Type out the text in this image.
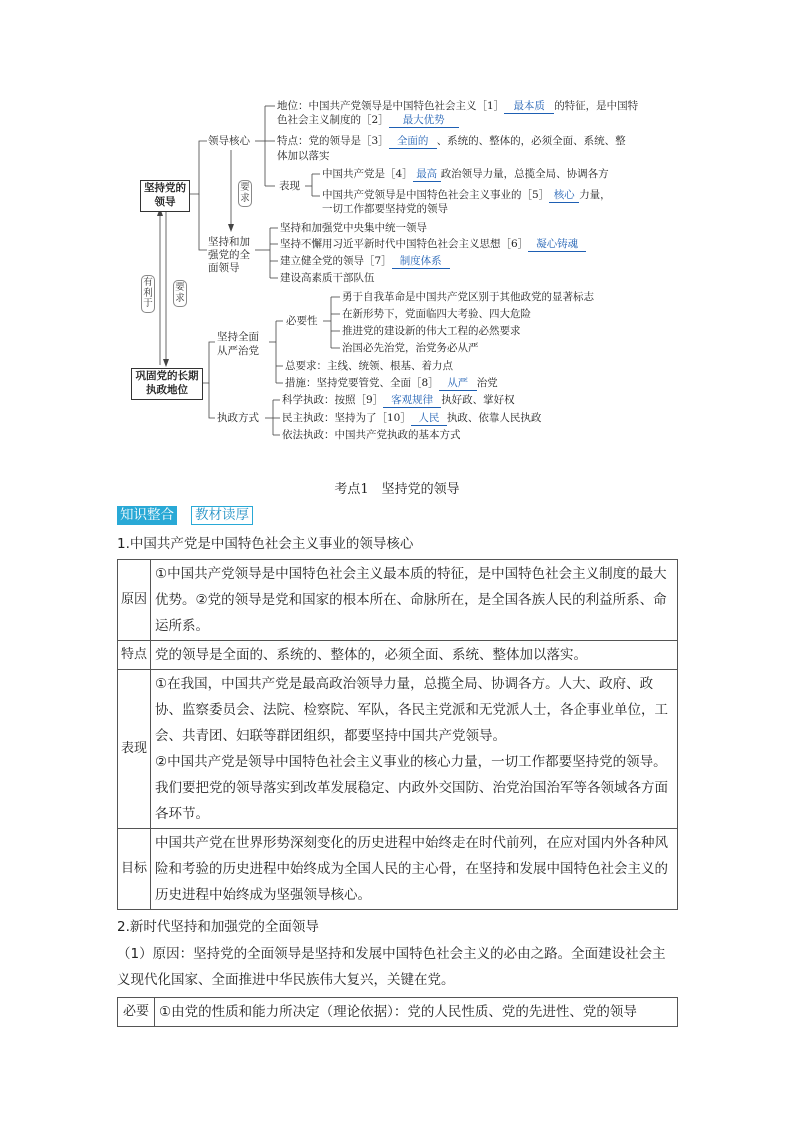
坚持党的领导
巩固党的长期执政地位
要求
有利于
要求
领导核心
地位：中国共产党领导是中国特色社会主义［1］ 最本质 的特征，是中国特
色社会主义制度的［2］ 最大优势
特点：党的领导是［3］ 全面的 、系统的、整体的，必须全面、系统、整
体加以落实
表现
中国共产党是［4］ 最高 政治领导力量，总揽全局、协调各方
中国共产党领导是中国特色社会主义事业的［5］ 核心 力量，
一切工作都要坚持党的领导
坚持和加强党的全面领导
坚持和加强党中央集中统一领导
坚持不懈用习近平新时代中国特色社会主义思想［6］ 凝心铸魂
建立健全党的领导［7］ 制度体系
建设高素质干部队伍
坚持全面从严治党
必要性
勇于自我革命是中国共产党区别于其他政党的显著标志
在新形势下，党面临四大考验、四大危险
推进党的建设新的伟大工程的必然要求
治国必先治党，治党务必从严
总要求：主线、统领、根基、着力点
措施：坚持党要管党、全面［8］ 从严 治党
执政方式
科学执政：按照［9］ 客观规律 执好政、掌好权
民主执政：坚持为了［10］ 人民 执政、依靠人民执政
依法执政：中国共产党执政的基本方式
考点1　坚持党的领导
知识整合 教材读厚
1.中国共产党是中国特色社会主义事业的领导核心
原因	①中国共产党领导是中国特色社会主义最本质的特征，是中国特色社会主义制度的最大优势。②党的领导是党和国家的根本所在、命脉所在，是全国各族人民的利益所系、命运所系。
特点	党的领导是全面的、系统的、整体的，必须全面、系统、整体加以落实。
表现	①在我国，中国共产党是最高政治领导力量，总揽全局、协调各方。人大、政府、政协、监察委员会、法院、检察院、军队，各民主党派和无党派人士，各企事业单位，工会、共青团、妇联等群团组织，都要坚持中国共产党领导。
②中国共产党是领导中国特色社会主义事业的核心力量，一切工作都要坚持党的领导。我们要把党的领导落实到改革发展稳定、内政外交国防、治党治国治军等各领域各方面各环节。

目标	中国共产党在世界形势深刻变化的历史进程中始终走在时代前列，在应对国内外各种风险和考验的历史进程中始终成为全国人民的主心骨，在坚持和发展中国特色社会主义的历史进程中始终成为坚强领导核心。
2.新时代坚持和加强党的全面领导
（1）原因：坚持党的全面领导是坚持和发展中国特色社会主义的必由之路。全面建设社会主义现代化国家、全面推进中华民族伟大复兴，关键在党。
必要	①由党的性质和能力所决定（理论依据）：党的人民性质、党的先进性、党的领导
